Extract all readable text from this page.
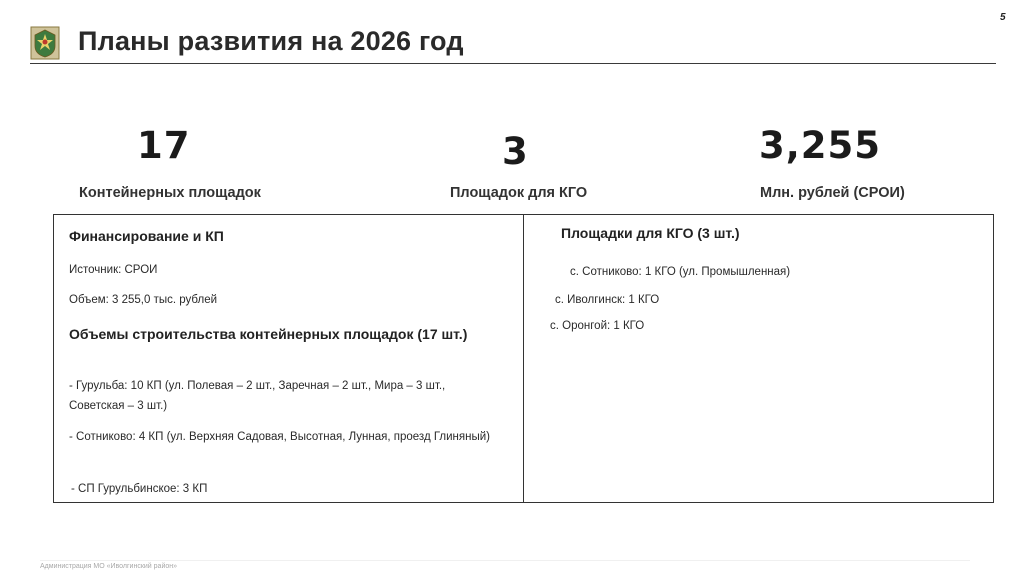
Планы развития на 2026 год
5
17
Контейнерных площадок
3
Площадок для КГО
3,255
Млн. рублей (СРОИ)
Финансирование и КП
Источник: СРОИ
Объем: 3 255,0 тыс. рублей
Объемы строительства контейнерных площадок (17 шт.)
- Гурульба: 10 КП (ул. Полевая – 2 шт., Заречная – 2 шт., Мира – 3 шт.,
Советская – 3 шт.)
- Сотниково: 4 КП (ул. Верхняя Садовая, Высотная, Лунная, проезд Глиняный)
- СП Гурульбинское: 3 КП
Площадки для КГО (3 шт.)
с. Сотниково: 1 КГО (ул. Промышленная)
с. Иволгинск: 1 КГО
с. Оронгой: 1 КГО
Администрация МО «Иволгинский район»
